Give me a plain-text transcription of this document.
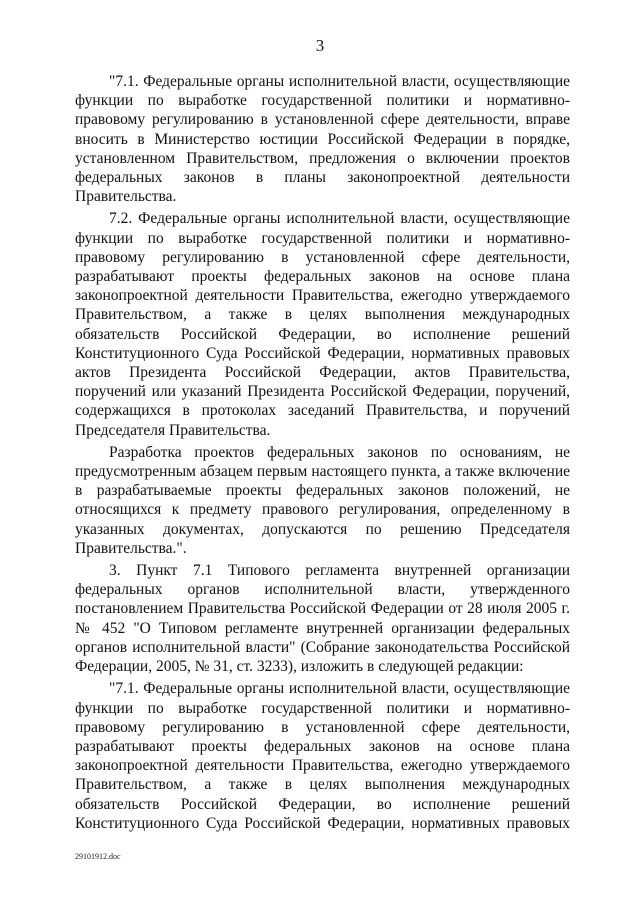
3

"7.1. Федеральные органы исполнительной власти, осуществляющие функции по выработке государственной политики и нормативно-правовому регулированию в установленной сфере деятельности, вправе вносить в Министерство юстиции Российской Федерации в порядке, установленном Правительством, предложения о включении проектов федеральных законов в планы законопроектной деятельности Правительства.

7.2. Федеральные органы исполнительной власти, осуществляющие функции по выработке государственной политики и нормативно-правовому регулированию в установленной сфере деятельности, разрабатывают проекты федеральных законов на основе плана законопроектной деятельности Правительства, ежегодно утверждаемого Правительством, а также в целях выполнения международных обязательств Российской Федерации, во исполнение решений Конституционного Суда Российской Федерации, нормативных правовых актов Президента Российской Федерации, актов Правительства, поручений или указаний Президента Российской Федерации, поручений, содержащихся в протоколах заседаний Правительства, и поручений Председателя Правительства.

Разработка проектов федеральных законов по основаниям, не предусмотренным абзацем первым настоящего пункта, а также включение в разрабатываемые проекты федеральных законов положений, не относящихся к предмету правового регулирования, определенному в указанных документах, допускаются по решению Председателя Правительства.".

3. Пункт 7.1 Типового регламента внутренней организации федеральных органов исполнительной власти, утвержденного постановлением Правительства Российской Федерации от 28 июля 2005 г. № 452 "О Типовом регламенте внутренней организации федеральных органов исполнительной власти" (Собрание законодательства Российской Федерации, 2005, № 31, ст. 3233), изложить в следующей редакции:

"7.1. Федеральные органы исполнительной власти, осуществляющие функции по выработке государственной политики и нормативно-правовому регулированию в установленной сфере деятельности, разрабатывают проекты федеральных законов на основе плана законопроектной деятельности Правительства, ежегодно утверждаемого Правительством, а также в целях выполнения международных обязательств Российской Федерации, во исполнение решений Конституционного Суда Российской Федерации, нормативных правовых

29101912.doc
